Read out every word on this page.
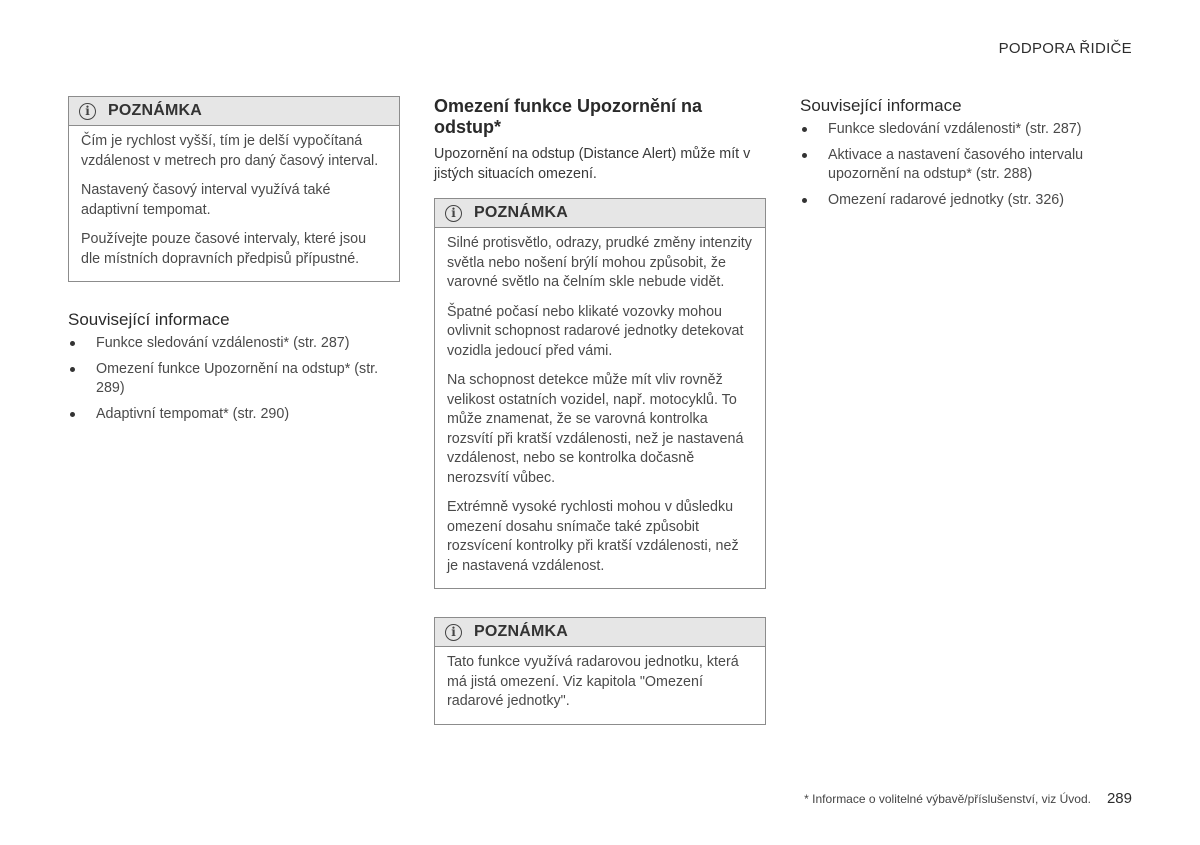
PODPORA ŘIDIČE
i	POZNÁMKA

Čím je rychlost vyšší, tím je delší vypočítaná vzdálenost v metrech pro daný časový interval.

Nastavený časový interval využívá také adaptivní tempomat.

Používejte pouze časové intervaly, které jsou dle místních dopravních předpisů přípustné.

Související informace
Funkce sledování vzdálenosti* (str. 287)
Omezení funkce Upozornění na odstup* (str. 289)
Adaptivní tempomat* (str. 290)
Omezení funkce Upozornění na odstup*

Upozornění na odstup (Distance Alert) může mít v jistých situacích omezení.

i	POZNÁMKA

Silné protisvětlo, odrazy, prudké změny intenzity světla nebo nošení brýlí mohou způsobit, že varovné světlo na čelním skle nebude vidět.

Špatné počasí nebo klikaté vozovky mohou ovlivnit schopnost radarové jednotky detekovat vozidla jedoucí před vámi.

Na schopnost detekce může mít vliv rovněž velikost ostatních vozidel, např. motocyklů. To může znamenat, že se varovná kontrolka rozsvítí při kratší vzdálenosti, než je nastavená vzdálenost, nebo se kontrolka dočasně nerozsvítí vůbec.

Extrémně vysoké rychlosti mohou v důsledku omezení dosahu snímače také způsobit rozsvícení kontrolky při kratší vzdálenosti, než je nastavená vzdálenost.

i	POZNÁMKA

Tato funkce využívá radarovou jednotku, která má jistá omezení. Viz kapitola "Omezení radarové jednotky".

Související informace
Funkce sledování vzdálenosti* (str. 287)
Aktivace a nastavení časového intervalu upozornění na odstup* (str. 288)
Omezení radarové jednotky (str. 326)
* Informace o volitelné výbavě/příslušenství, viz Úvod. 289
